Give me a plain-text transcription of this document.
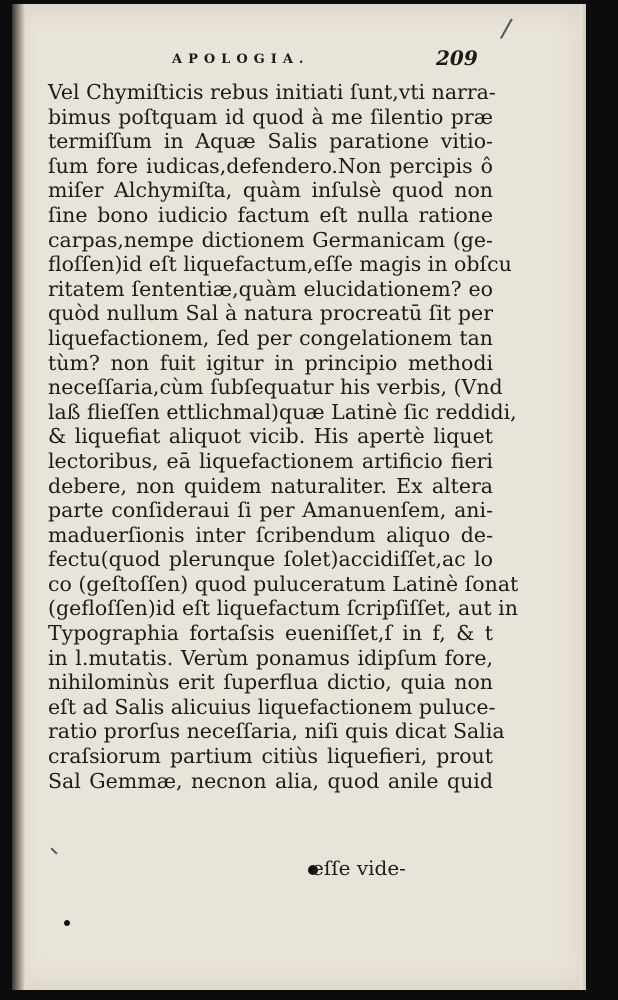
/
APOLOGIA.	209
Vel Chymiſticis rebus initiati ſunt,vti narra-
bimus poſtquam id quod à me ſilentio præ
termiſſum in Aquæ Salis paratione vitio-
ſum fore iudicas,defendero.Non percipis ô
miſer Alchymiſta, quàm inſulsè quod non
ſine bono iudicio factum eſt nulla ratione
carpas,nempe dictionem Germanicam (ge-
floſſen)id eſt liquefactum,eſſe magis in obſcu
ritatem ſententiæ,quàm elucidationem? eo
quòd nullum Sal à natura procreatū ſit per
liquefactionem, ſed per congelationem tan
tùm? non fuit igitur in principio methodi
neceſſaria,cùm ſubſequatur his verbis, (Vnd
laß flieſſen ettlichmal)quæ Latinè ſic reddidi,
& liquefiat aliquot vicib. His apertè liquet
lectoribus, eā liquefactionem artificio fieri
debere, non quidem naturaliter. Ex altera
parte conſideraui ſi per Amanuenſem, ani-
maduerſionis inter ſcribendum aliquo de-
fectu(quod plerunque ſolet)accidiſſet,ac lo
co (geſtoſſen) quod puluceratum Latinè ſonat
(gefloſſen)id eſt liquefactum ſcripſiſſet, aut in
Typographia fortaſsis eueniſſet,ſ in f, & t
in l.mutatis. Verùm ponamus idipſum fore,
nihilominùs erit ſuperflua dictio, quia non
eſt ad Salis alicuius liquefactionem puluce-
ratio prorſus neceſſaria, niſi quis dicat Salia
craſsiorum partium citiùs liquefieri, prout
Sal Gemmæ, necnon alia, quod anile quid
eſſe vide-
